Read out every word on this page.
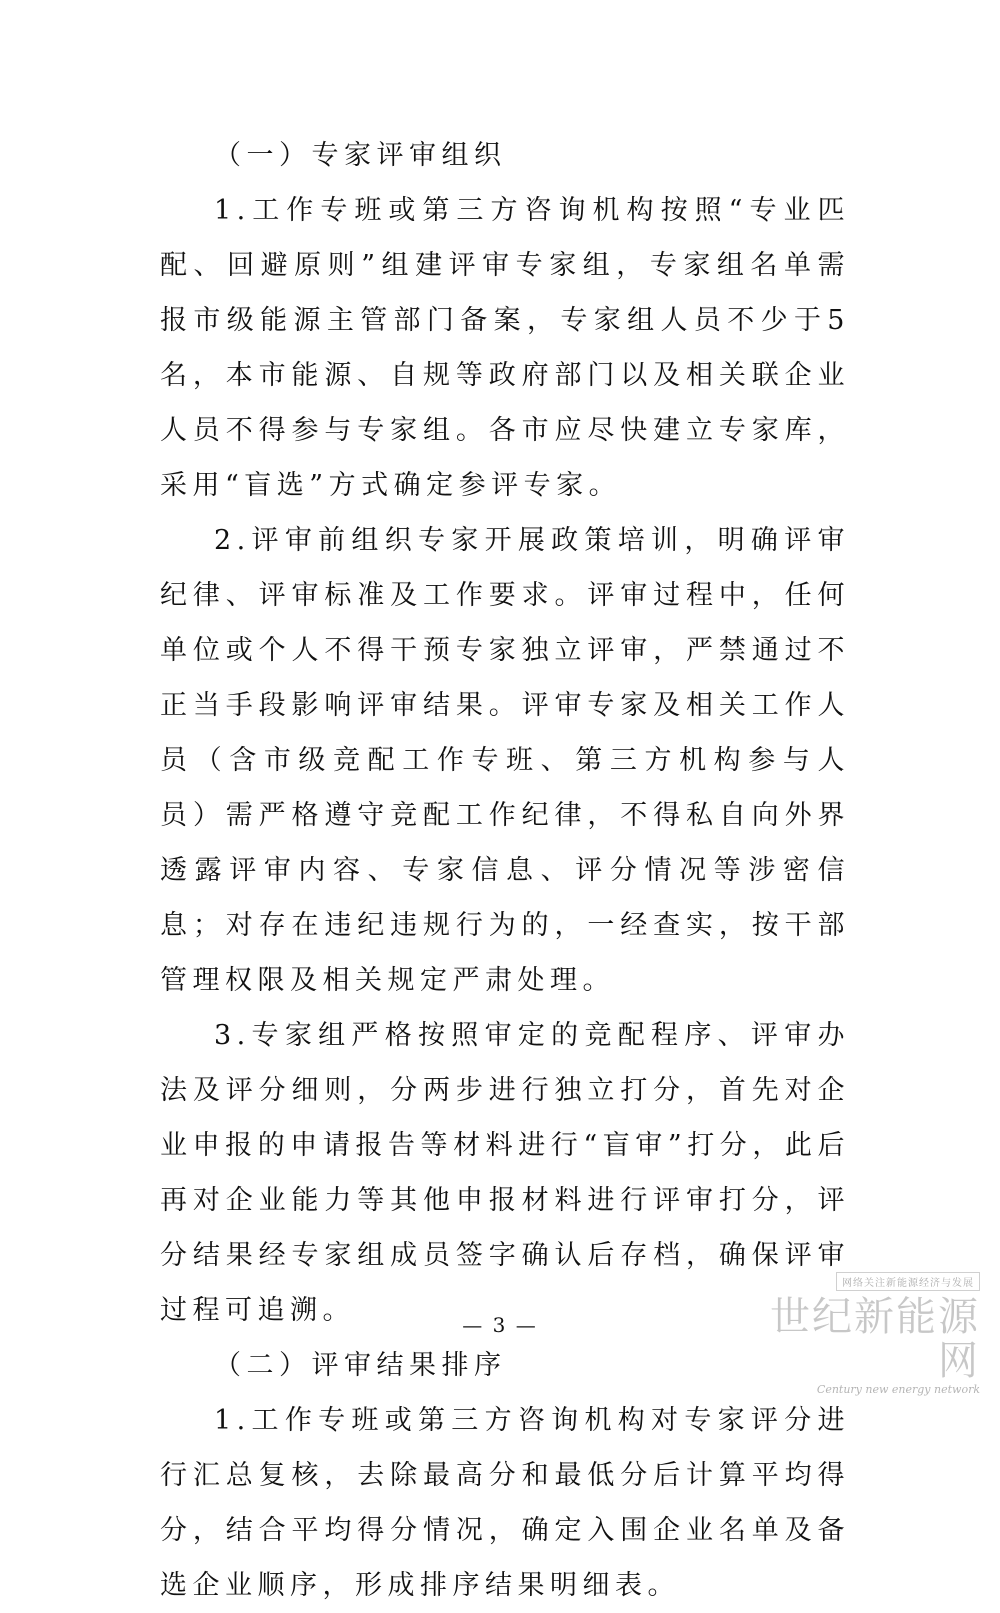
（一）专家评审组织

1.工作专班或第三方咨询机构按照“专业匹配、回避原则”组建评审专家组，专家组名单需报市级能源主管部门备案，专家组人员不少于5名，本市能源、自规等政府部门以及相关联企业人员不得参与专家组。各市应尽快建立专家库，采用“盲选”方式确定参评专家。

2.评审前组织专家开展政策培训，明确评审纪律、评审标准及工作要求。评审过程中，任何单位或个人不得干预专家独立评审，严禁通过不正当手段影响评审结果。评审专家及相关工作人员（含市级竞配工作专班、第三方机构参与人员）需严格遵守竞配工作纪律，不得私自向外界透露评审内容、专家信息、评分情况等涉密信息；对存在违纪违规行为的，一经查实，按干部管理权限及相关规定严肃处理。

3.专家组严格按照审定的竞配程序、评审办法及评分细则，分两步进行独立打分，首先对企业申报的申请报告等材料进行“盲审”打分，此后再对企业能力等其他申报材料进行评审打分，评分结果经专家组成员签字确认后存档，确保评审过程可追溯。

（二）评审结果排序

1.工作专班或第三方咨询机构对专家评分进行汇总复核，去除最高分和最低分后计算平均得分，结合平均得分情况，确定入围企业名单及备选企业顺序，形成排序结果明细表。

— 3 —
网络关注新能源经济与发展
世纪新能源网
Century new energy network
